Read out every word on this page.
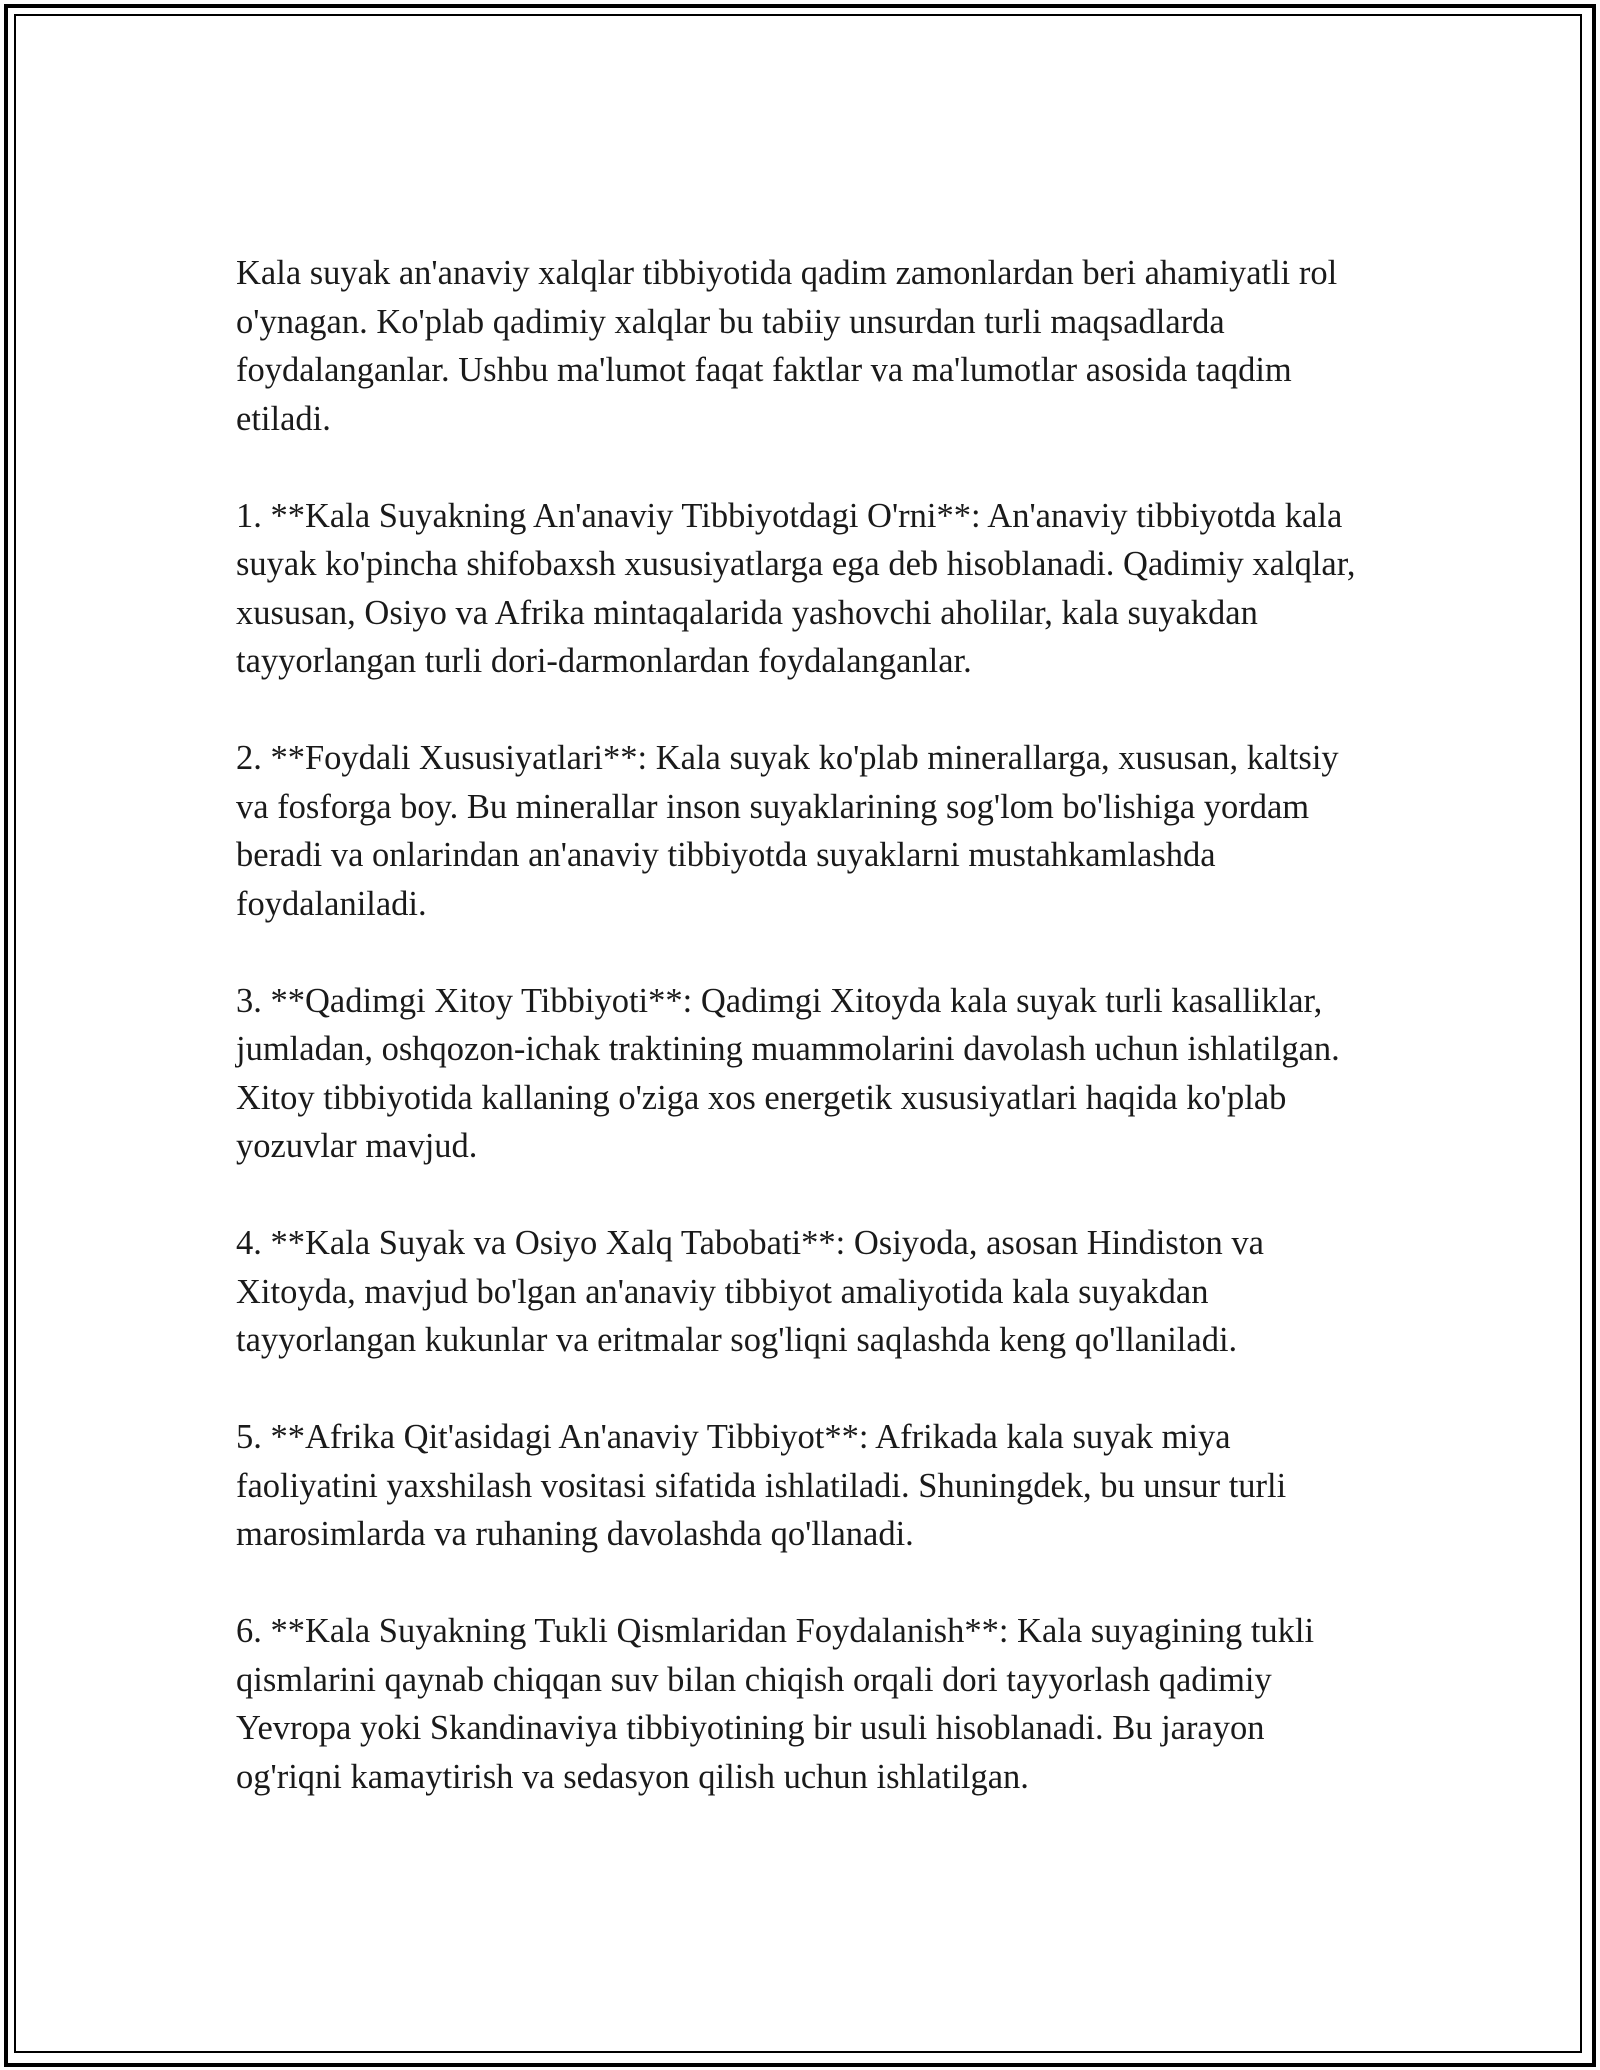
Kala suyak an'anaviy xalqlar tibbiyotida qadim zamonlardan beri ahamiyatli rol o'ynagan. Ko'plab qadimiy xalqlar bu tabiiy unsurdan turli maqsadlarda foydalanganlar. Ushbu ma'lumot faqat faktlar va ma'lumotlar asosida taqdim etiladi.

1. **Kala Suyakning An'anaviy Tibbiyotdagi O'rni**: An'anaviy tibbiyotda kala suyak ko'pincha shifobaxsh xususiyatlarga ega deb hisoblanadi. Qadimiy xalqlar, xususan, Osiyo va Afrika mintaqalarida yashovchi aholilar, kala suyakdan tayyorlangan turli dori-darmonlardan foydalanganlar.

2. **Foydali Xususiyatlari**: Kala suyak ko'plab minerallarga, xususan, kaltsiy va fosforga boy. Bu minerallar inson suyaklarining sog'lom bo'lishiga yordam beradi va onlarindan an'anaviy tibbiyotda suyaklarni mustahkamlashda foydalaniladi.

3. **Qadimgi Xitoy Tibbiyoti**: Qadimgi Xitoyda kala suyak turli kasalliklar, jumladan, oshqozon-ichak traktining muammolarini davolash uchun ishlatilgan. Xitoy tibbiyotida kallaning o'ziga xos energetik xususiyatlari haqida ko'plab yozuvlar mavjud.

4. **Kala Suyak va Osiyo Xalq Tabobati**: Osiyoda, asosan Hindiston va Xitoyda, mavjud bo'lgan an'anaviy tibbiyot amaliyotida kala suyakdan tayyorlangan kukunlar va eritmalar sog'liqni saqlashda keng qo'llaniladi.

5. **Afrika Qit'asidagi An'anaviy Tibbiyot**: Afrikada kala suyak miya faoliyatini yaxshilash vositasi sifatida ishlatiladi. Shuningdek, bu unsur turli marosimlarda va ruhaning davolashda qo'llanadi.

6. **Kala Suyakning Tukli Qismlaridan Foydalanish**: Kala suyagining tukli qismlarini qaynab chiqqan suv bilan chiqish orqali dori tayyorlash qadimiy Yevropa yoki Skandinaviya tibbiyotining bir usuli hisoblanadi. Bu jarayon og'riqni kamaytirish va sedasyon qilish uchun ishlatilgan.
